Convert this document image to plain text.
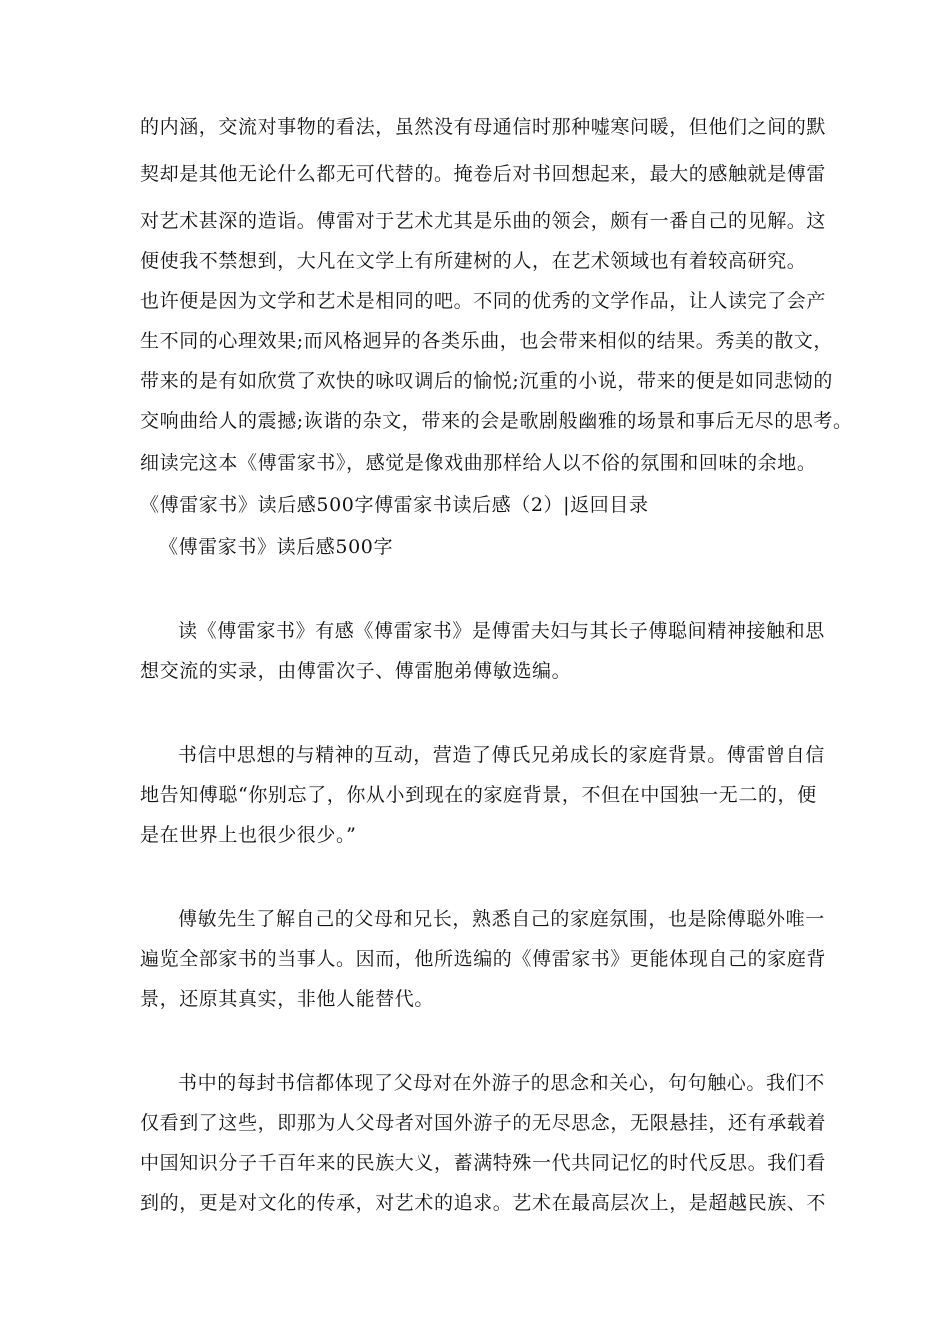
的内涵，交流对事物的看法，虽然没有母通信时那种嘘寒问暖，但他们之间的默
契却是其他无论什么都无可代替的。掩卷后对书回想起来，最大的感触就是傅雷
对艺术甚深的造诣。傅雷对于艺术尤其是乐曲的领会，颇有一番自己的见解。这
便使我不禁想到，大凡在文学上有所建树的人，在艺术领域也有着较高研究。
也许便是因为文学和艺术是相同的吧。不同的优秀的文学作品，让人读完了会产
生不同的心理效果;而风格迥异的各类乐曲，也会带来相似的结果。秀美的散文，
带来的是有如欣赏了欢快的咏叹调后的愉悦;沉重的小说，带来的便是如同悲恸的
交响曲给人的震撼;诙谐的杂文，带来的会是歌剧般幽雅的场景和事后无尽的思考。
细读完这本《傅雷家书》，感觉是像戏曲那样给人以不俗的氛围和回味的余地。
《傅雷家书》读后感500字傅雷家书读后感（2）|返回目录
《傅雷家书》读后感500字
读《傅雷家书》有感《傅雷家书》是傅雷夫妇与其长子傅聪间精神接触和思
想交流的实录，由傅雷次子、傅雷胞弟傅敏选编。
书信中思想的与精神的互动，营造了傅氏兄弟成长的家庭背景。傅雷曾自信
地告知傅聪“你别忘了，你从小到现在的家庭背景，不但在中国独一无二的，便
是在世界上也很少很少。”
傅敏先生了解自己的父母和兄长，熟悉自己的家庭氛围，也是除傅聪外唯一
遍览全部家书的当事人。因而，他所选编的《傅雷家书》更能体现自己的家庭背
景，还原其真实，非他人能替代。
书中的每封书信都体现了父母对在外游子的思念和关心，句句触心。我们不
仅看到了这些，即那为人父母者对国外游子的无尽思念，无限悬挂，还有承载着
中国知识分子千百年来的民族大义，蓄满特殊一代共同记忆的时代反思。我们看
到的，更是对文化的传承，对艺术的追求。艺术在最高层次上，是超越民族、不
